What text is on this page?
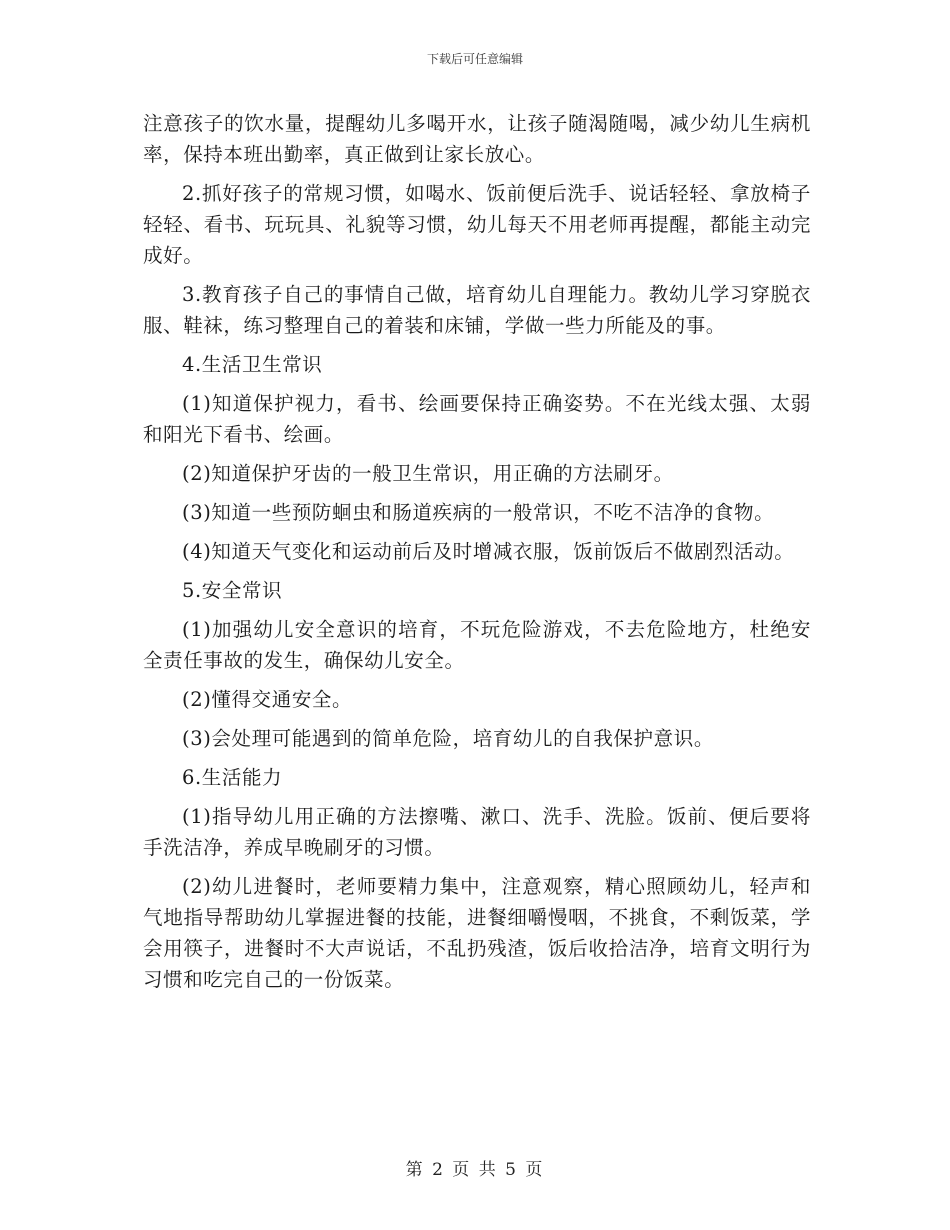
下载后可任意编辑

注意孩子的饮水量，提醒幼儿多喝开水，让孩子随渴随喝，减少幼儿生病机率，保持本班出勤率，真正做到让家长放心。

2.抓好孩子的常规习惯，如喝水、饭前便后洗手、说话轻轻、拿放椅子轻轻、看书、玩玩具、礼貌等习惯，幼儿每天不用老师再提醒，都能主动完成好。

3.教育孩子自己的事情自己做，培育幼儿自理能力。教幼儿学习穿脱衣服、鞋袜，练习整理自己的着装和床铺，学做一些力所能及的事。

4.生活卫生常识

(1)知道保护视力，看书、绘画要保持正确姿势。不在光线太强、太弱和阳光下看书、绘画。

(2)知道保护牙齿的一般卫生常识，用正确的方法刷牙。

(3)知道一些预防蛔虫和肠道疾病的一般常识，不吃不洁净的食物。

(4)知道天气变化和运动前后及时增减衣服，饭前饭后不做剧烈活动。

5.安全常识

(1)加强幼儿安全意识的培育，不玩危险游戏，不去危险地方，杜绝安全责任事故的发生，确保幼儿安全。

(2)懂得交通安全。

(3)会处理可能遇到的简单危险，培育幼儿的自我保护意识。

6.生活能力

(1)指导幼儿用正确的方法擦嘴、漱口、洗手、洗脸。饭前、便后要将手洗洁净，养成早晚刷牙的习惯。

(2)幼儿进餐时，老师要精力集中，注意观察，精心照顾幼儿，轻声和气地指导帮助幼儿掌握进餐的技能，进餐细嚼慢咽，不挑食，不剩饭菜，学会用筷子，进餐时不大声说话，不乱扔残渣，饭后收拾洁净，培育文明行为习惯和吃完自己的一份饭菜。

第 2 页 共 5 页
